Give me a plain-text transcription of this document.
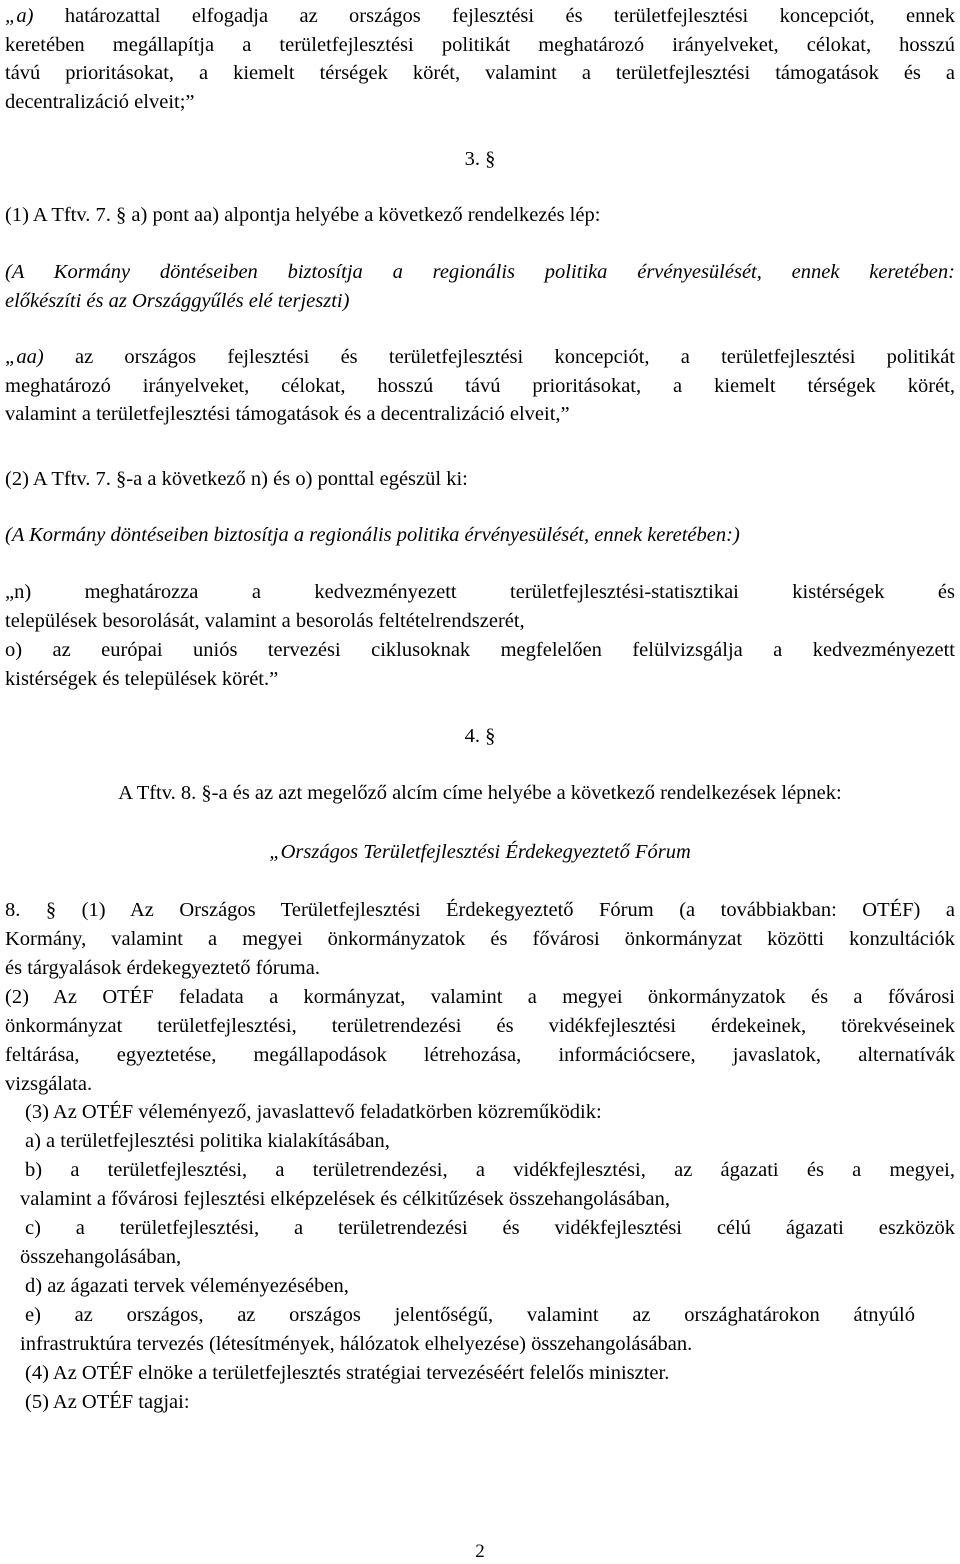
„a) határozattal elfogadja az országos fejlesztési és területfejlesztési koncepciót, ennek
keretében megállapítja a területfejlesztési politikát meghatározó irányelveket, célokat, hosszú
távú prioritásokat, a kiemelt térségek körét, valamint a területfejlesztési támogatások és a
decentralizáció elveit;”
3. §
(1) A Tftv. 7. § a) pont aa) alpontja helyébe a következő rendelkezés lép:
(A Kormány döntéseiben biztosítja a regionális politika érvényesülését, ennek keretében:
előkészíti és az Országgyűlés elé terjeszti)
„aa) az országos fejlesztési és területfejlesztési koncepciót, a területfejlesztési politikát
meghatározó irányelveket, célokat, hosszú távú prioritásokat, a kiemelt térségek körét,
valamint a területfejlesztési támogatások és a decentralizáció elveit,”
(2) A Tftv. 7. §-a a következő n) és o) ponttal egészül ki:
(A Kormány döntéseiben biztosítja a regionális politika érvényesülését, ennek keretében:)
„n) meghatározza a kedvezményezett területfejlesztési-statisztikai kistérségek és
települések besorolását, valamint a besorolás feltételrendszerét,
o) az európai uniós tervezési ciklusoknak megfelelően felülvizsgálja a kedvezményezett
kistérségek és települések körét.”
4. §
A Tftv. 8. §-a és az azt megelőző alcím címe helyébe a következő rendelkezések lépnek:
„Országos Területfejlesztési Érdekegyeztető Fórum
8. § (1) Az Országos Területfejlesztési Érdekegyeztető Fórum (a továbbiakban: OTÉF) a
Kormány, valamint a megyei önkormányzatok és fővárosi önkormányzat közötti konzultációk
és tárgyalások érdekegyeztető fóruma.
(2) Az OTÉF feladata a kormányzat, valamint a megyei önkormányzatok és a fővárosi
önkormányzat területfejlesztési, területrendezési és vidékfejlesztési érdekeinek, törekvéseinek
feltárása, egyeztetése, megállapodások létrehozása, információcsere, javaslatok, alternatívák
vizsgálata.
(3) Az OTÉF véleményező, javaslattevő feladatkörben közreműködik:
a) a területfejlesztési politika kialakításában,
b) a területfejlesztési, a területrendezési, a vidékfejlesztési, az ágazati és a megyei,
valamint a fővárosi fejlesztési elképzelések és célkitűzések összehangolásában,
c) a területfejlesztési, a területrendezési és vidékfejlesztési célú ágazati eszközök
összehangolásában,
d) az ágazati tervek véleményezésében,
e) az országos, az országos jelentőségű, valamint az országhatárokon átnyúló
infrastruktúra tervezés (létesítmények, hálózatok elhelyezése) összehangolásában.
(4) Az OTÉF elnöke a területfejlesztés stratégiai tervezéséért felelős miniszter.
(5) Az OTÉF tagjai:
2
